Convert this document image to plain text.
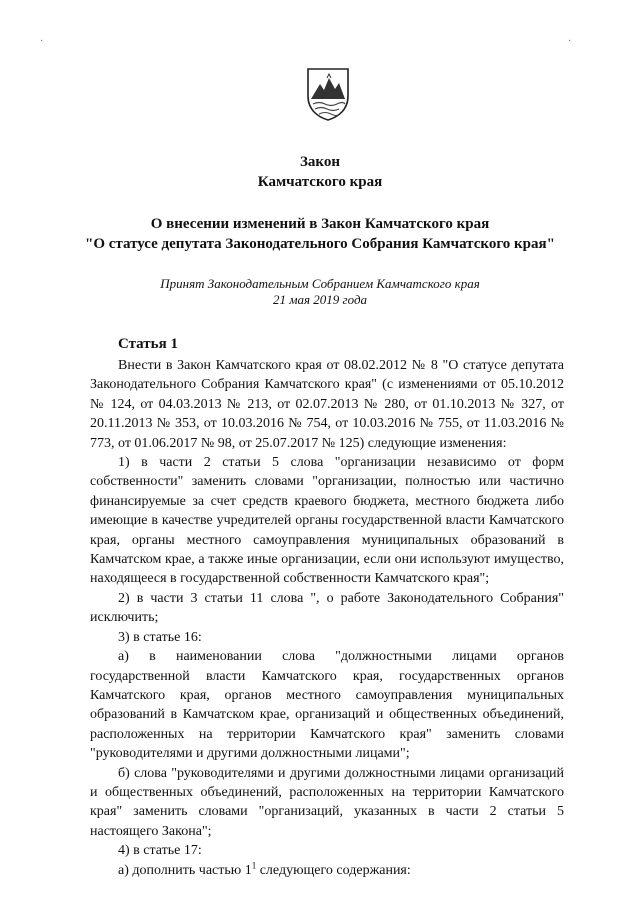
·	·
Закон
Камчатского края
О внесении изменений в Закон Камчатского края
"О статусе депутата Законодательного Собрания Камчатского края"
Принят Законодательным Собранием Камчатского края
21 мая 2019 года
Статья 1

Внести в Закон Камчатского края от 08.02.2012 № 8 "О статусе депутата Законодательного Собрания Камчатского края" (с изменениями от 05.10.2012 № 124, от 04.03.2013 № 213, от 02.07.2013 № 280, от 01.10.2013 № 327, от 20.11.2013 № 353, от 10.03.2016 № 754, от 10.03.2016 № 755, от 11.03.2016 № 773, от 01.06.2017 № 98, от 25.07.2017 № 125) следующие изменения:

1) в части 2 статьи 5 слова "организации независимо от форм собственности" заменить словами "организации, полностью или частично финансируемые за счет средств краевого бюджета, местного бюджета либо имеющие в качестве учредителей органы государственной власти Камчатского края, органы местного самоуправления муниципальных образований в Камчатском крае, а также иные организации, если они используют имущество, находящееся в государственной собственности Камчатского края";

2) в части 3 статьи 11 слова ", о работе Законодательного Собрания" исключить;

3) в статье 16:

а) в наименовании слова "должностными лицами органов государственной власти Камчатского края, государственных органов Камчатского края, органов местного самоуправления муниципальных образований в Камчатском крае, организаций и общественных объединений, расположенных на территории Камчатского края" заменить словами "руководителями и другими должностными лицами";

б) слова "руководителями и другими должностными лицами организаций и общественных объединений, расположенных на территории Камчатского края" заменить словами "организаций, указанных в части 2 статьи 5 настоящего Закона";

4) в статье 17:

а) дополнить частью $1^1$ следующего содержания:
